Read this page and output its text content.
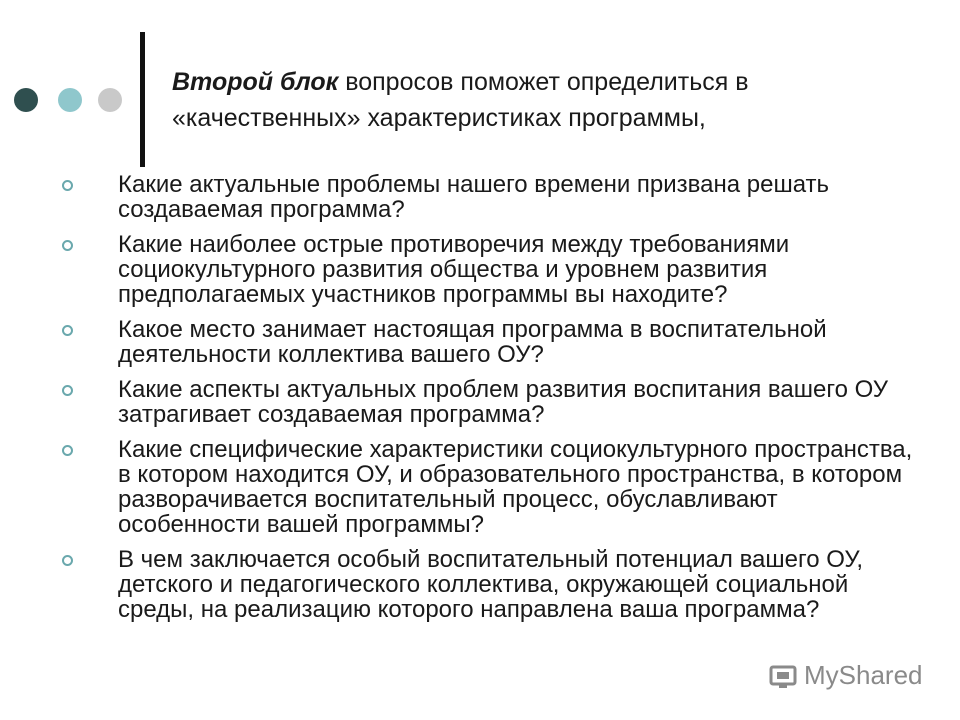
Второй блок вопросов поможет определиться в «качественных» характеристиках программы,
Какие актуальные проблемы нашего времени призвана решать создаваемая программа?
Какие наиболее острые противоречия между требованиями социокультурного развития общества и уровнем развития предполагаемых участников программы вы находите?
Какое место занимает настоящая программа в воспитательной деятельности коллектива вашего ОУ?
Какие аспекты актуальных проблем развития воспитания вашего ОУ затрагивает создаваемая программа?
Какие специфические характеристики социокультурного пространства, в котором находится ОУ, и образовательного пространства, в котором разворачивается воспитательный процесс, обуславливают особенности вашей программы?
В чем заключается особый воспитательный потенциал вашего ОУ, детского и педагогического коллектива, окружающей социальной среды, на реализацию которого направлена ваша программа?
MyShared
